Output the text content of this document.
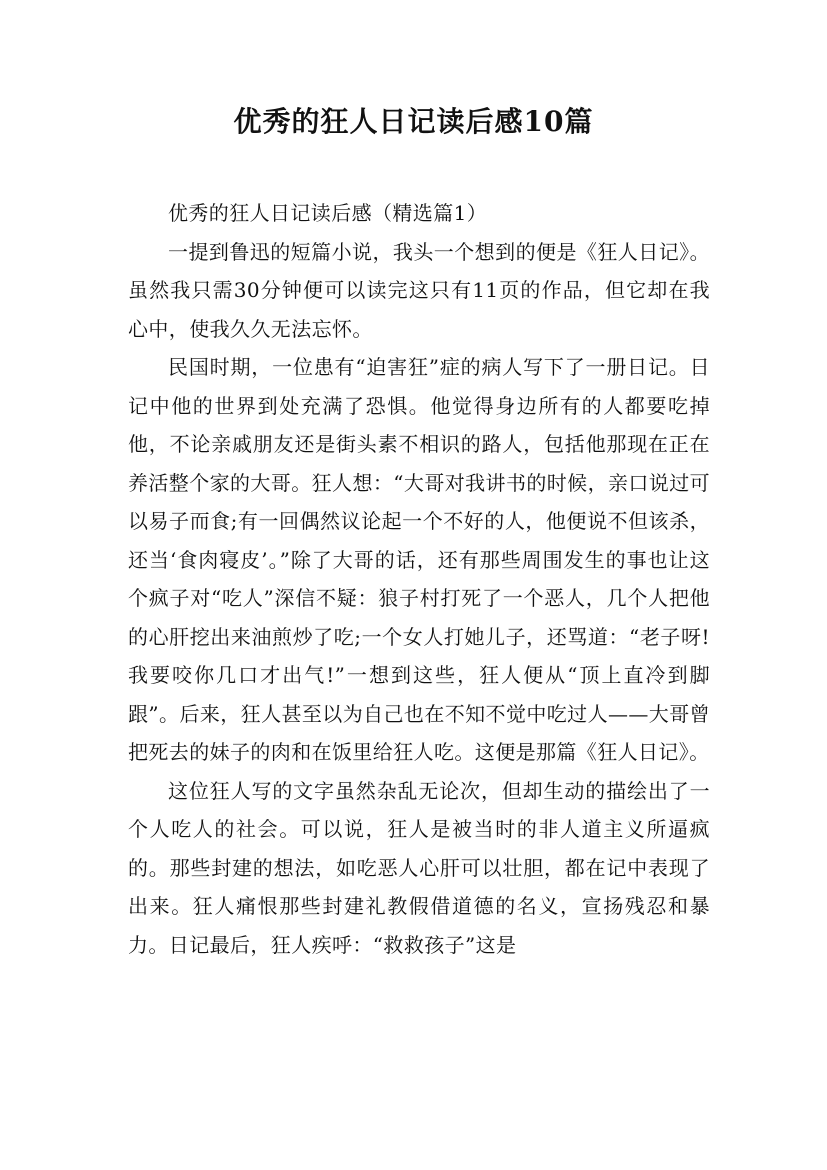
优秀的狂人日记读后感10篇

优秀的狂人日记读后感（精选篇1）

一提到鲁迅的短篇小说，我头一个想到的便是《狂人日记》。虽然我只需30分钟便可以读完这只有11页的作品，但它却在我心中，使我久久无法忘怀。

民国时期，一位患有“迫害狂”症的病人写下了一册日记。日记中他的世界到处充满了恐惧。他觉得身边所有的人都要吃掉他，不论亲戚朋友还是街头素不相识的路人，包括他那现在正在养活整个家的大哥。狂人想：“大哥对我讲书的时候，亲口说过可以易子而食;有一回偶然议论起一个不好的人，他便说不但该杀，还当‘食肉寝皮’。”除了大哥的话，还有那些周围发生的事也让这个疯子对“吃人”深信不疑：狼子村打死了一个恶人，几个人把他的心肝挖出来油煎炒了吃;一个女人打她儿子，还骂道：“老子呀!我要咬你几口才出气!”一想到这些，狂人便从“顶上直冷到脚跟”。后来，狂人甚至以为自己也在不知不觉中吃过人——大哥曾把死去的妹子的肉和在饭里给狂人吃。这便是那篇《狂人日记》。

这位狂人写的文字虽然杂乱无论次，但却生动的描绘出了一个人吃人的社会。可以说，狂人是被当时的非人道主义所逼疯的。那些封建的想法，如吃恶人心肝可以壮胆，都在记中表现了出来。狂人痛恨那些封建礼教假借道德的名义，宣扬残忍和暴力。日记最后，狂人疾呼：“救救孩子”这是
